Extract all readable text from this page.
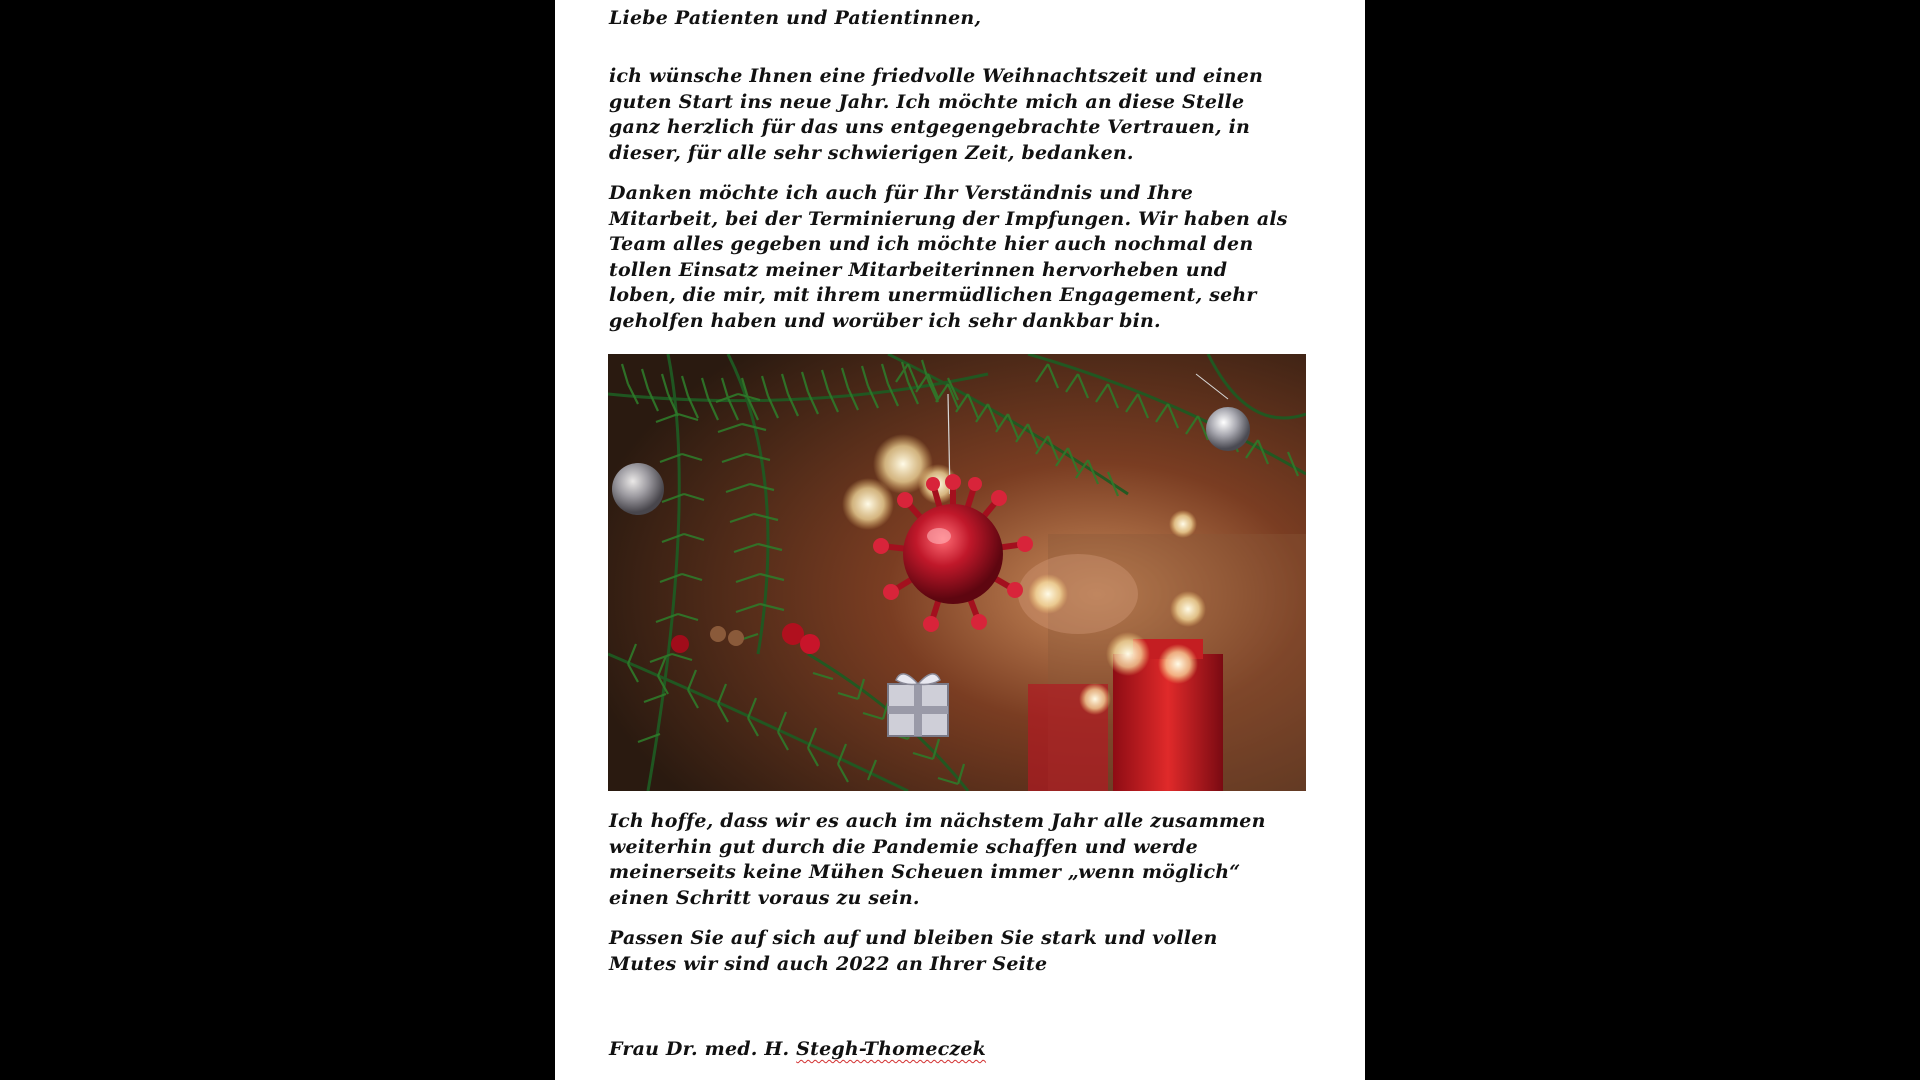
Liebe Patienten und Patientinnen,

ich wünsche Ihnen eine friedvolle Weihnachtszeit und einen
guten Start ins neue Jahr. Ich möchte mich an diese Stelle
ganz herzlich für das uns entgegengebrachte Vertrauen, in
dieser, für alle sehr schwierigen Zeit, bedanken.

Danken möchte ich auch für Ihr Verständnis und Ihre
Mitarbeit, bei der Terminierung der Impfungen. Wir haben als
Team alles gegeben und ich möchte hier auch nochmal den
tollen Einsatz meiner Mitarbeiterinnen hervorheben und
loben, die mir, mit ihrem unermüdlichen Engagement, sehr
geholfen haben und worüber ich sehr dankbar bin.

Ich hoffe, dass wir es auch im nächstem Jahr alle zusammen
weiterhin gut durch die Pandemie schaffen und werde
meinerseits keine Mühen Scheuen immer „wenn möglich“
einen Schritt voraus zu sein.

Passen Sie auf sich auf und bleiben Sie stark und vollen
Mutes wir sind auch 2022 an Ihrer Seite

Frau Dr. med. H. Stegh-Thomeczek
